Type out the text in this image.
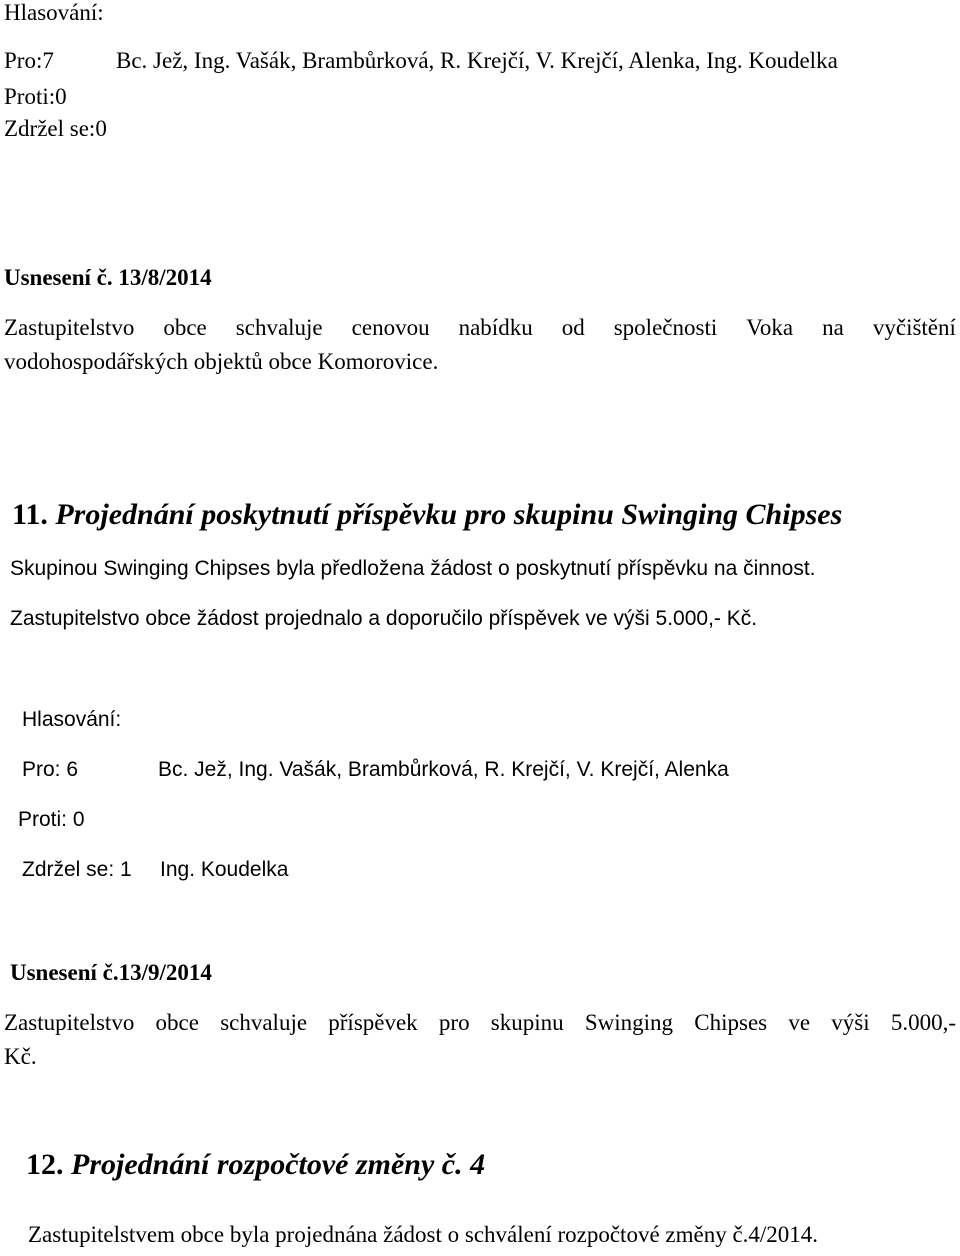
Hlasování:
Pro:7	Bc. Jež, Ing. Vašák, Brambůrková, R. Krejčí, V. Krejčí, Alenka, Ing. Koudelka
Proti:0
Zdržel se:0
Usnesení č. 13/8/2014
Zastupitelstvo obce schvaluje cenovou nabídku od společnosti Voka na vyčištění
vodohospodářských objektů obce Komorovice.
11. Projednání poskytnutí příspěvku pro skupinu Swinging Chipses
Skupinou Swinging Chipses byla předložena žádost o poskytnutí příspěvku na činnost.
Zastupitelstvo obce žádost projednalo a doporučilo příspěvek ve výši 5.000,- Kč.
Hlasování:
Pro: 6	Bc. Jež, Ing. Vašák, Brambůrková, R. Krejčí, V. Krejčí, Alenka
Proti: 0
Zdržel se: 1 Ing. Koudelka
Usnesení č.13/9/2014
Zastupitelstvo obce schvaluje příspěvek pro skupinu Swinging Chipses ve výši 5.000,-
Kč.
12. Projednání rozpočtové změny č. 4
Zastupitelstvem obce byla projednána žádost o schválení rozpočtové změny č.4/2014.
